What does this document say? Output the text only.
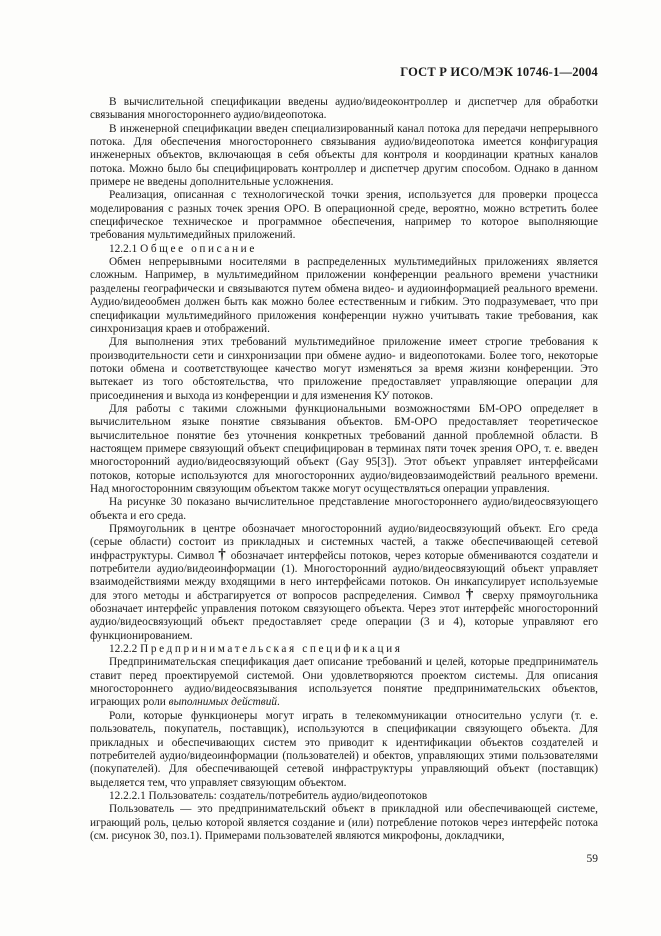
ГОСТ Р ИСО/МЭК 10746-1—2004

В вычислительной спецификации введены аудио/видеоконтроллер и диспетчер для обработки связывания многостороннего аудио/видеопотока.

В инженерной спецификации введен специализированный канал потока для передачи непрерывного потока. Для обеспечения многостороннего связывания аудио/видеопотока имеется конфигурация инженерных объектов, включающая в себя объекты для контроля и координации кратных каналов потока. Можно было бы специфицировать контроллер и диспетчер другим способом. Однако в данном примере не введены дополнительные усложнения.

Реализация, описанная с технологической точки зрения, используется для проверки процесса моделирования с разных точек зрения ОРО. В операционной среде, вероятно, можно встретить более специфическое техническое и программное обеспечения, например то которое выполняющие требования мультимедийных приложений.

12.2.1 Общее описание

Обмен непрерывными носителями в распределенных мультимедийных приложениях является сложным. Например, в мультимедийном приложении конференции реального времени участники разделены географически и связываются путем обмена видео- и аудиоинформацией реального времени. Аудио/видеообмен должен быть как можно более естественным и гибким. Это подразумевает, что при спецификации мультимедийного приложения конференции нужно учитывать такие требования, как синхронизация краев и отображений.

Для выполнения этих требований мультимедийное приложение имеет строгие требования к производительности сети и синхронизации при обмене аудио- и видеопотоками. Более того, некоторые потоки обмена и соответствующее качество могут изменяться за время жизни конференции. Это вытекает из того обстоятельства, что приложение предоставляет управляющие операции для присоединения и выхода из конференции и для изменения КУ потоков.

Для работы с такими сложными функциональными возможностями БМ-ОРО определяет в вычислительном языке понятие связывания объектов. БМ-ОРО предоставляет теоретическое вычислительное понятие без уточнения конкретных требований данной проблемной области. В настоящем примере связующий объект специфицирован в терминах пяти точек зрения ОРО, т. е. введен многосторонний аудио/видеосвязующий объект (Gay 95[3]). Этот объект управляет интерфейсами потоков, которые используются для многосторонних аудио/видеовзаимодействий реального времени. Над многосторонним связующим объектом также могут осуществляться операции управления.

На рисунке 30 показано вычислительное представление многостороннего аудио/видеосвязующего объекта и его среда.

Прямоугольник в центре обозначает многосторонний аудио/видеосвязующий объект. Его среда (серые области) состоит из прикладных и системных частей, а также обеспечивающей сетевой инфраструктуры. Символ † обозначает интерфейсы потоков, через которые обмениваются создатели и потребители аудио/видеоинформации (1). Многосторонний аудио/видеосвязующий объект управляет взаимодействиями между входящими в него интерфейсами потоков. Он инкапсулирует используемые для этого методы и абстрагируется от вопросов распределения. Символ † сверху прямоугольника обозначает интерфейс управления потоком связующего объекта. Через этот интерфейс многосторонний аудио/видеосвязующий объект предоставляет среде операции (3 и 4), которые управляют его функционированием.

12.2.2 Предпринимательская спецификация

Предпринимательская спецификация дает описание требований и целей, которые предприниматель ставит перед проектируемой системой. Они удовлетворяются проектом системы. Для описания многостороннего аудио/видеосвязывания используется понятие предпринимательских объектов, играющих роли выполнимых действий.

Роли, которые функционеры могут играть в телекоммуникации относительно услуги (т. е. пользователь, покупатель, поставщик), используются в спецификации связующего объекта. Для прикладных и обеспечивающих систем это приводит к идентификации объектов создателей и потребителей аудио/видеоинформации (пользователей) и обектов, управляющих этими пользователями (покупателей). Для обеспечивающей сетевой инфраструктуры управляющий объект (поставщик) выделяется тем, что управляет связующим объектом.

12.2.2.1 Пользователь: создатель/потребитель аудио/видеопотоков

Пользователь — это предпринимательский объект в прикладной или обеспечивающей системе, играющий роль, целью которой является создание и (или) потребление потоков через интерфейс потока (см. рисунок 30, поз.1). Примерами пользователей являются микрофоны, докладчики,

59
